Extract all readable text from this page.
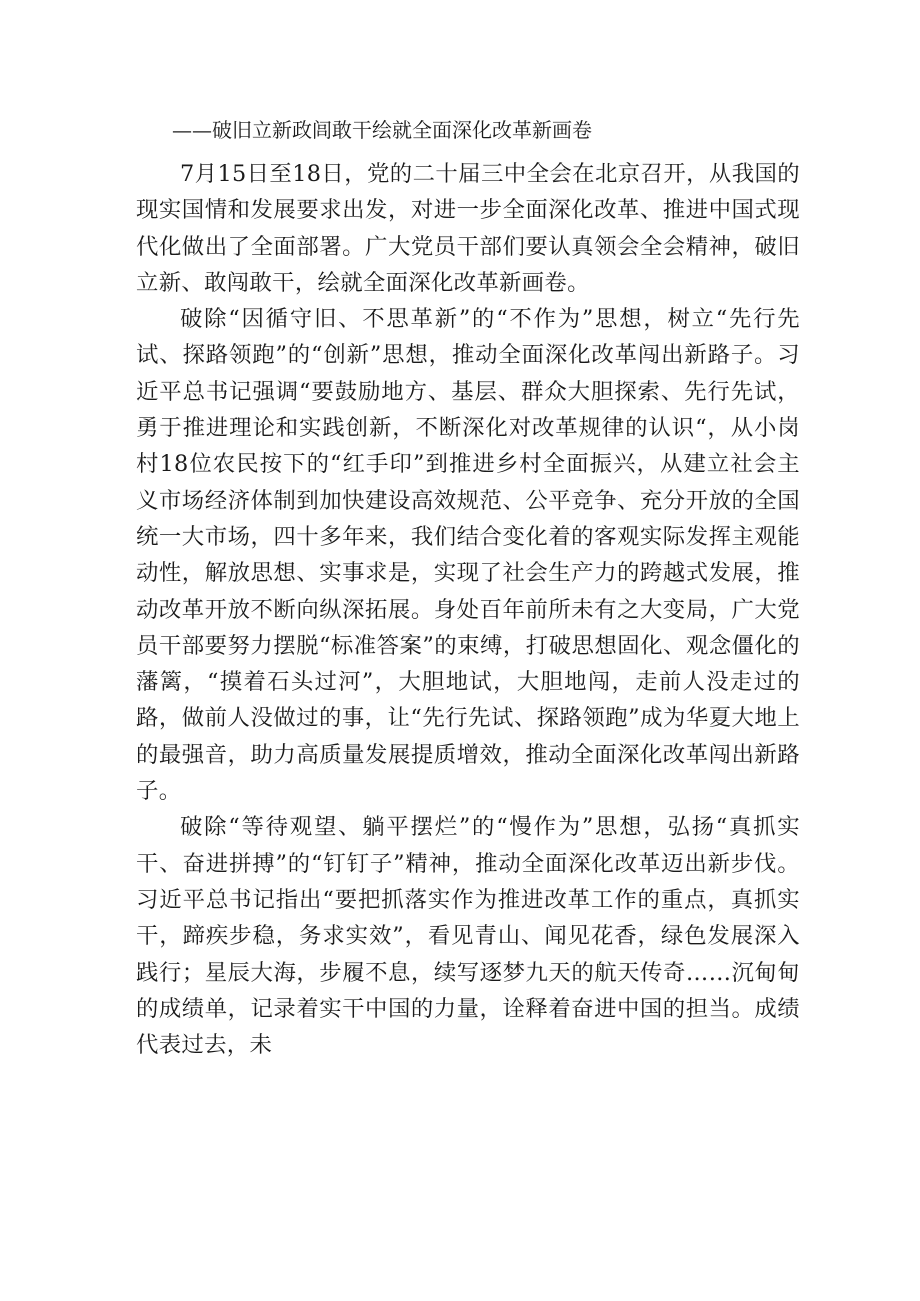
——破旧立新政闾敢干绘就全面深化改革新画卷

7月15日至18日，党的二十届三中全会在北京召开，从我国的现实国情和发展要求出发，对进一步全面深化改革、推进中国式现代化做出了全面部署。广大党员干部们要认真领会全会精神，破旧立新、敢闯敢干，绘就全面深化改革新画卷。

破除“因循守旧、不思革新”的“不作为”思想，树立“先行先试、探路领跑”的“创新”思想，推动全面深化改革闯出新路子。习近平总书记强调“要鼓励地方、基层、群众大胆探索、先行先试，勇于推进理论和实践创新，不断深化对改革规律的认识“，从小岗村18位农民按下的“红手印”到推进乡村全面振兴，从建立社会主义市场经济体制到加快建设高效规范、公平竞争、充分开放的全国统一大市场，四十多年来，我们结合变化着的客观实际发挥主观能动性，解放思想、实事求是，实现了社会生产力的跨越式发展，推动改革开放不断向纵深拓展。身处百年前所未有之大变局，广大党员干部要努力摆脱“标准答案”的束缚，打破思想固化、观念僵化的藩篱，“摸着石头过河”，大胆地试，大胆地闯，走前人没走过的路，做前人没做过的事，让“先行先试、探路领跑”成为华夏大地上的最强音，助力高质量发展提质增效，推动全面深化改革闯出新路子。

破除“等待观望、躺平摆烂”的“慢作为”思想，弘扬“真抓实干、奋进拼搏”的“钉钉子”精神，推动全面深化改革迈出新步伐。习近平总书记指出“要把抓落实作为推进改革工作的重点，真抓实干，蹄疾步稳，务求实效”，看见青山、闻见花香，绿色发展深入践行；星辰大海，步履不息，续写逐梦九天的航天传奇……沉甸甸的成绩单，记录着实干中国的力量，诠释着奋进中国的担当。成绩代表过去，未
